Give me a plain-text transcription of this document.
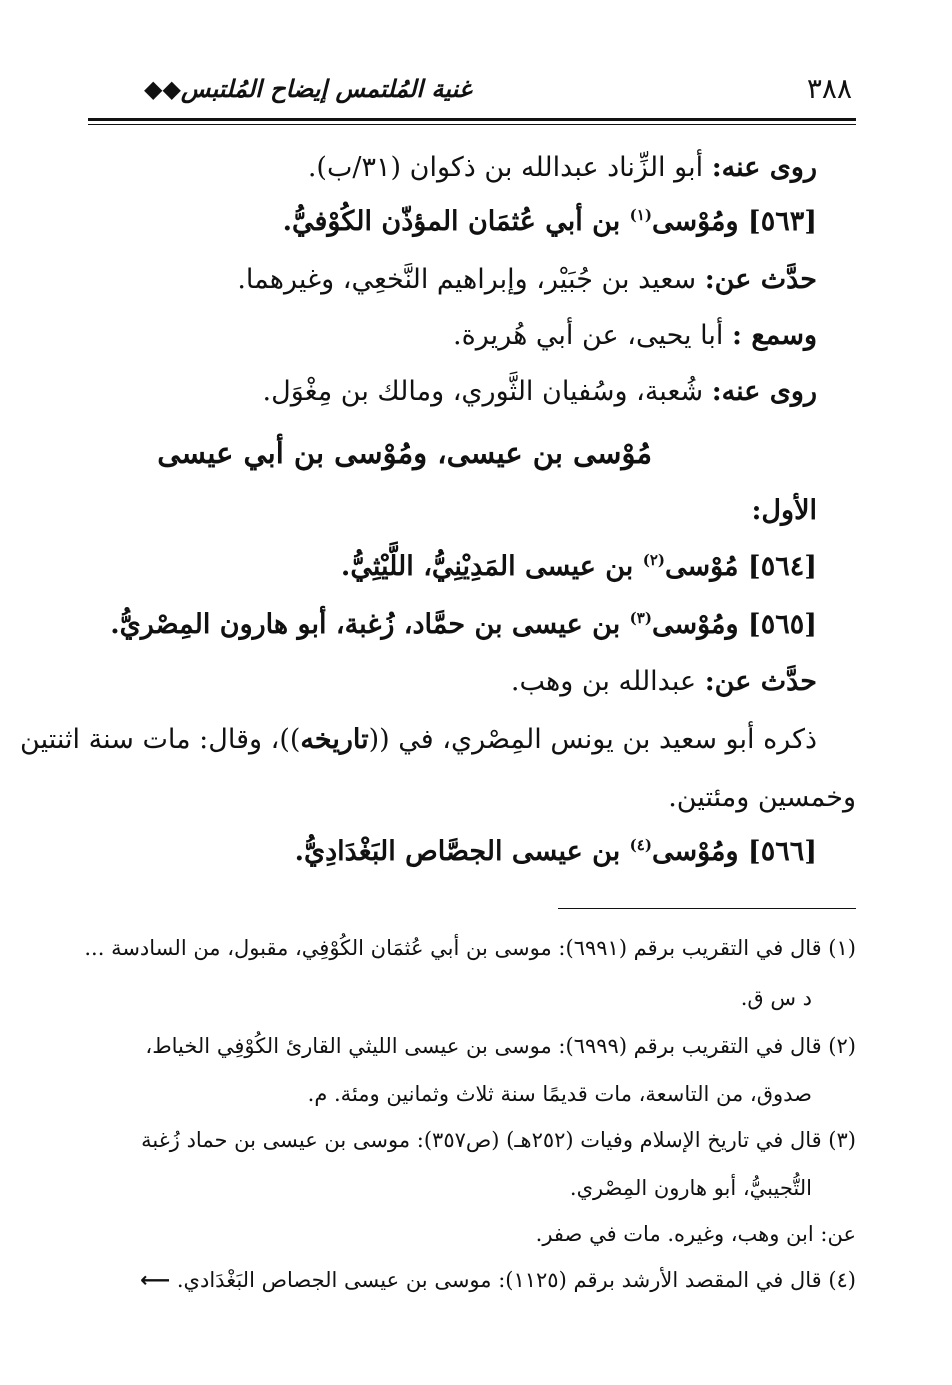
٣٨٨
غنية المُلتمس إيضاح المُلتبس◆◆
روى عنه: أبو الزِّناد عبدالله بن ذكوان (٣١/ب).
[٥٦٣] ومُوْسى$^{(١)}$ بن أبي عُثمَان المؤذّن الكُوْفيُّ.
حدَّث عن: سعيد بن جُبَيْر، وإبراهيم النَّخعِي، وغيرهما.
وسمع : أبا يحيى، عن أبي هُريرة.
روى عنه: شُعبة، وسُفيان الثَّوري، ومالك بن مِغْوَل.
مُوْسى بن عيسى، ومُوْسى بن أبي عيسى
الأول:
[٥٦٤] مُوْسى$^{(٢)}$ بن عيسى المَدِيْنِيُّ، اللَّيْثِيُّ.
[٥٦٥] ومُوْسى$^{(٣)}$ بن عيسى بن حمَّاد، زُغبة، أبو هارون المِصْريُّ.
حدَّث عن: عبدالله بن وهب.
ذكره أبو سعيد بن يونس المِصْري، في ((تاريخه))، وقال: مات سنة اثنتين
وخمسين ومئتين.
[٥٦٦] ومُوْسى$^{(٤)}$ بن عيسى الجصَّاص البَغْدَادِيُّ.
(١) قال في التقريب برقم (٦٩٩١): موسى بن أبي عُثمَان الكُوْفِي، مقبول، من السادسة ...
د س ق.
(٢) قال في التقريب برقم (٦٩٩٩): موسى بن عيسى الليثي القارئ الكُوْفِي الخياط،
صدوق، من التاسعة، مات قديمًا سنة ثلاث وثمانين ومئة. م.
(٣) قال في تاريخ الإسلام وفيات (٢٥٢هـ) (ص٣٥٧): موسى بن عيسى بن حماد زُغبة
التُّجيبيُّ، أبو هارون المِصْري.
عن: ابن وهب، وغيره. مات في صفر.
(٤) قال في المقصد الأرشد برقم (١١٢٥): موسى بن عيسى الجصاص البَغْدَادي. ⟵
